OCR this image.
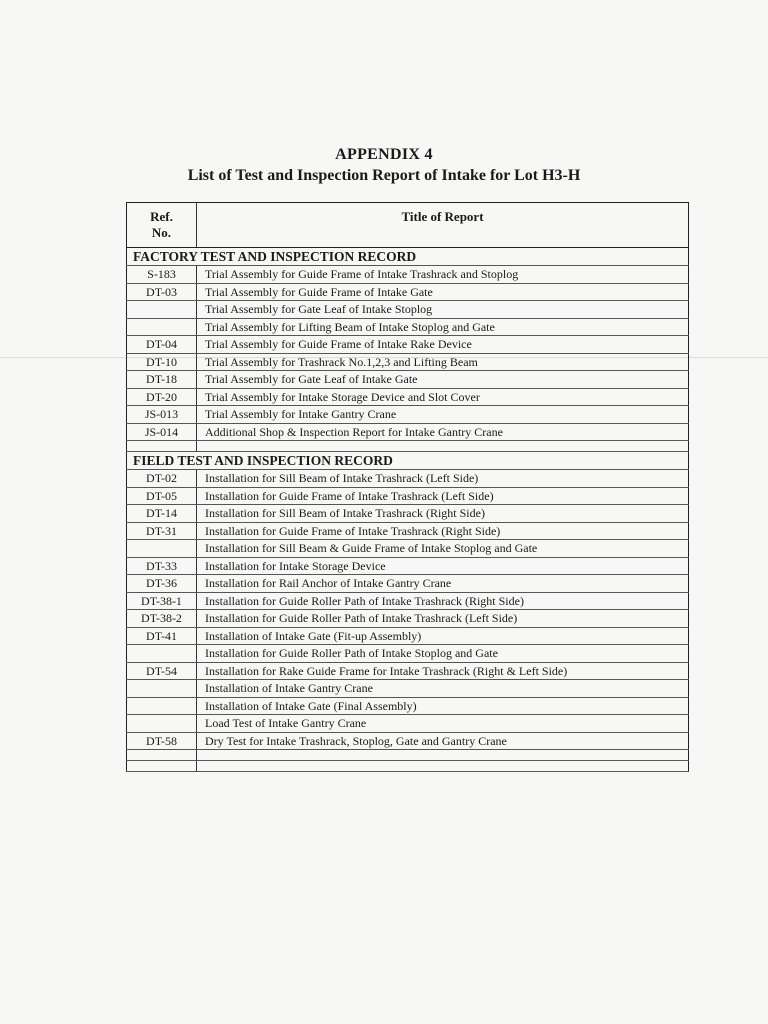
APPENDIX 4
List of Test and Inspection Report of Intake for Lot H3-H
Ref.
No.	Title of Report
FACTORY TEST AND INSPECTION RECORD	
S-183	Trial Assembly for Guide Frame of Intake Trashrack and Stoplog
DT-03	Trial Assembly for Guide Frame of Intake Gate
	Trial Assembly for Gate Leaf of Intake Stoplog
	Trial Assembly for Lifting Beam of Intake Stoplog and Gate
DT-04	Trial Assembly for Guide Frame of Intake Rake Device
DT-10	Trial Assembly for Trashrack No.1,2,3 and Lifting Beam
DT-18	Trial Assembly for Gate Leaf of Intake Gate
DT-20	Trial Assembly for Intake Storage Device and Slot Cover
JS-013	Trial Assembly for Intake Gantry Crane
JS-014	Additional Shop & Inspection Report for Intake Gantry Crane

FIELD TEST AND INSPECTION RECORD	
DT-02	Installation for Sill Beam of Intake Trashrack (Left Side)
DT-05	Installation for Guide Frame of Intake Trashrack (Left Side)
DT-14	Installation for Sill Beam of Intake Trashrack (Right Side)
DT-31	Installation for Guide Frame of Intake Trashrack (Right Side)
	Installation for Sill Beam & Guide Frame of Intake Stoplog and Gate
DT-33	Installation for Intake Storage Device
DT-36	Installation for Rail Anchor of Intake Gantry Crane
DT-38-1	Installation for Guide Roller Path of Intake Trashrack (Right Side)
DT-38-2	Installation for Guide Roller Path of Intake Trashrack (Left Side)
DT-41	Installation of Intake Gate (Fit-up Assembly)
	Installation for Guide Roller Path of Intake Stoplog and Gate
DT-54	Installation for Rake Guide Frame for Intake Trashrack (Right & Left Side)
	Installation of Intake Gantry Crane
	Installation of Intake Gate (Final Assembly)
	Load Test of Intake Gantry Crane
DT-58	Dry Test for Intake Trashrack, Stoplog, Gate and Gantry Crane
